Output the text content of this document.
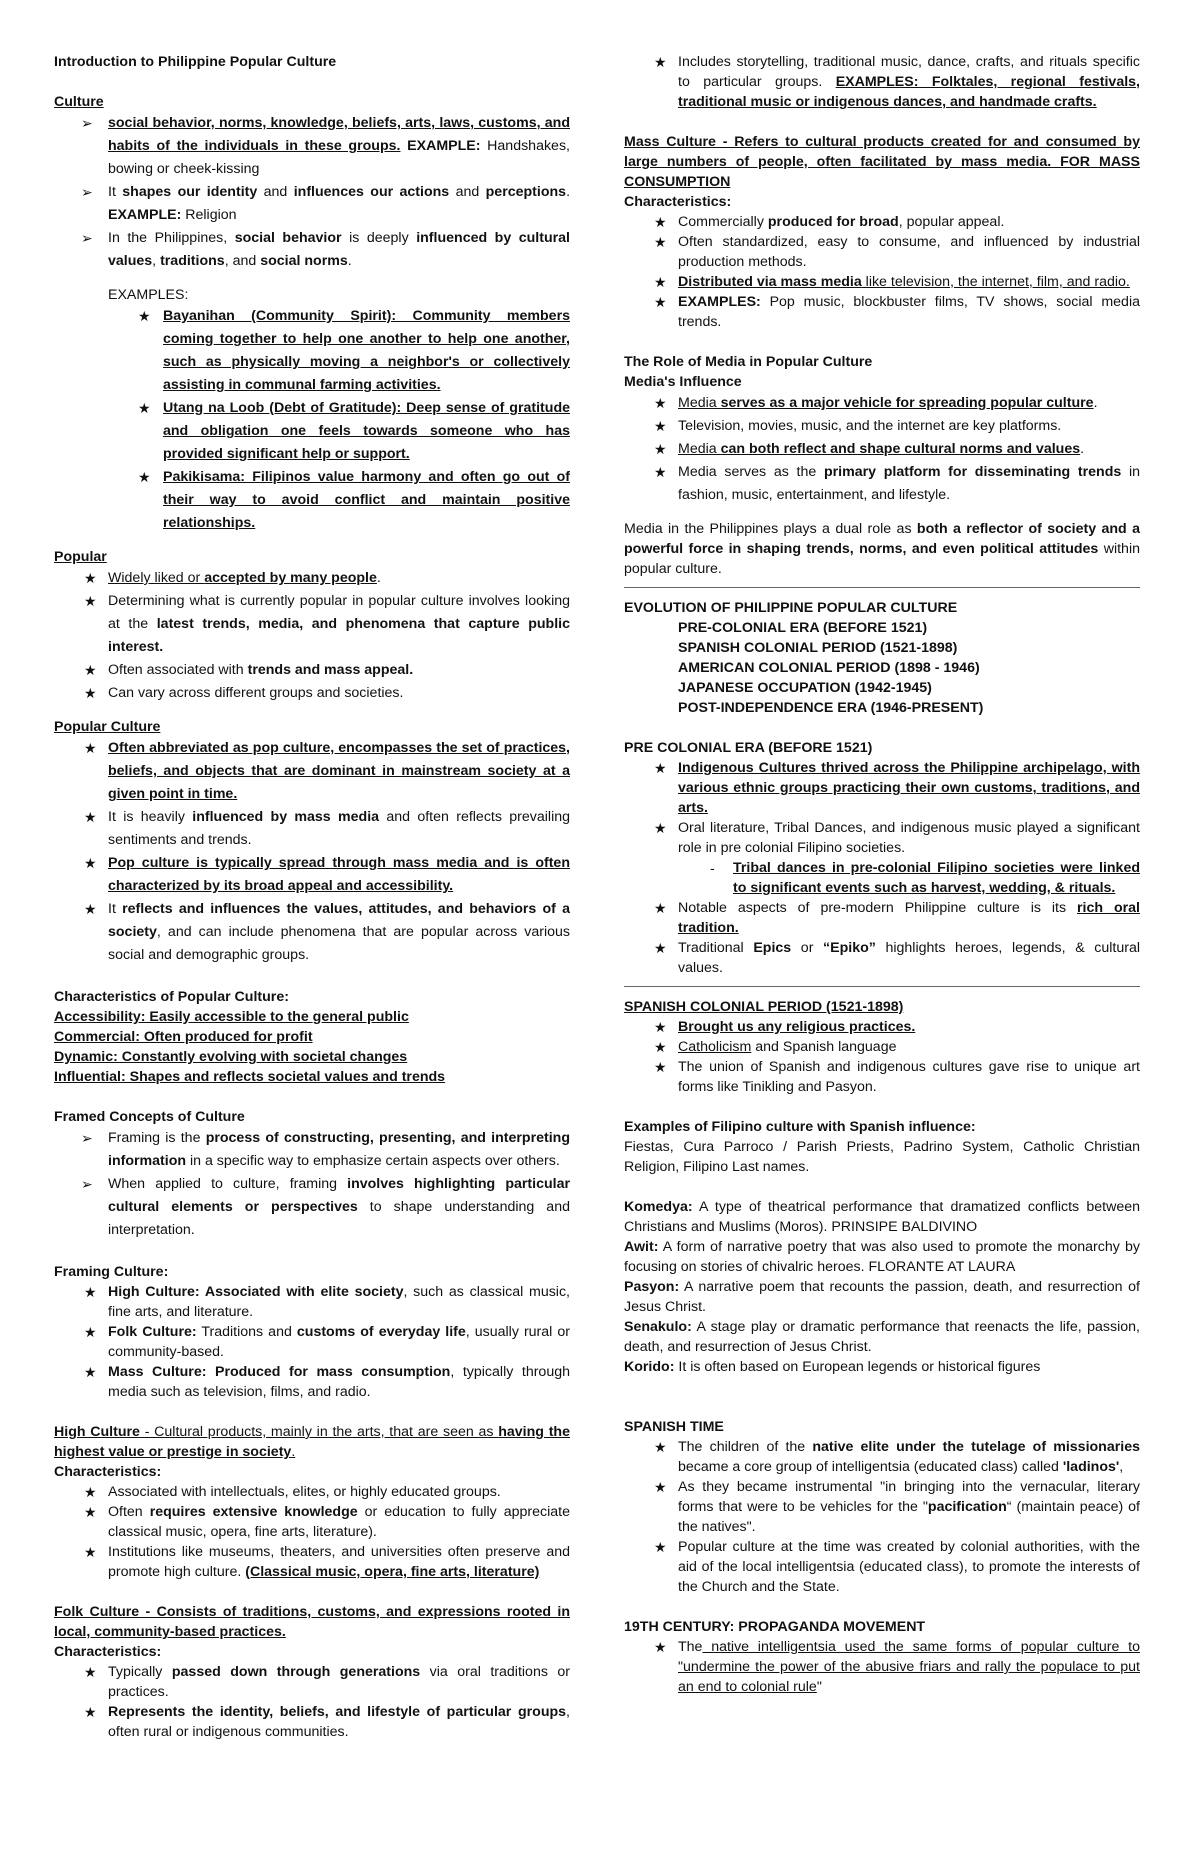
Introduction to Philippine Popular Culture

Culture

➢ social behavior, norms, knowledge, beliefs, arts, laws, customs, and habits of the individuals in these groups. EXAMPLE: Handshakes, bowing or cheek-kissing
➢ It shapes our identity and influences our actions and perceptions. EXAMPLE: Religion
➢ In the Philippines, social behavior is deeply influenced by cultural values, traditions, and social norms.

EXAMPLES:

★ Bayanihan (Community Spirit): Community members coming together to help one another to help one another, such as physically moving a neighbor's or collectively assisting in communal farming activities.
★ Utang na Loob (Debt of Gratitude): Deep sense of gratitude and obligation one feels towards someone who has provided significant help or support.
★ Pakikisama: Filipinos value harmony and often go out of their way to avoid conflict and maintain positive relationships.

Popular

★ Widely liked or accepted by many people.
★ Determining what is currently popular in popular culture involves looking at the latest trends, media, and phenomena that capture public interest.
★ Often associated with trends and mass appeal.
★ Can vary across different groups and societies.

Popular Culture

★ Often abbreviated as pop culture, encompasses the set of practices, beliefs, and objects that are dominant in mainstream society at a given point in time.
★ It is heavily influenced by mass media and often reflects prevailing sentiments and trends.
★ Pop culture is typically spread through mass media and is often characterized by its broad appeal and accessibility.
★ It reflects and influences the values, attitudes, and behaviors of a society, and can include phenomena that are popular across various social and demographic groups.

Characteristics of Popular Culture:

Accessibility: Easily accessible to the general public

Commercial: Often produced for profit

Dynamic: Constantly evolving with societal changes

Influential: Shapes and reflects societal values and trends

Framed Concepts of Culture

➢ Framing is the process of constructing, presenting, and interpreting information in a specific way to emphasize certain aspects over others.
➢ When applied to culture, framing involves highlighting particular cultural elements or perspectives to shape understanding and interpretation.

Framing Culture:

★ High Culture: Associated with elite society, such as classical music, fine arts, and literature.
★ Folk Culture: Traditions and customs of everyday life, usually rural or community-based.
★ Mass Culture: Produced for mass consumption, typically through media such as television, films, and radio.

High Culture - Cultural products, mainly in the arts, that are seen as having the highest value or prestige in society.

Characteristics:

★ Associated with intellectuals, elites, or highly educated groups.
★ Often requires extensive knowledge or education to fully appreciate classical music, opera, fine arts, literature).
★ Institutions like museums, theaters, and universities often preserve and promote high culture. (Classical music, opera, fine arts, literature)

Folk Culture - Consists of traditions, customs, and expressions rooted in local, community-based practices.

Characteristics:

★ Typically passed down through generations via oral traditions or practices.
★ Represents the identity, beliefs, and lifestyle of particular groups, often rural or indigenous communities.
★ Includes storytelling, traditional music, dance, crafts, and rituals specific to particular groups. EXAMPLES: Folktales, regional festivals, traditional music or indigenous dances, and handmade crafts.

Mass Culture - Refers to cultural products created for and consumed by large numbers of people, often facilitated by mass media. FOR MASS CONSUMPTION

Characteristics:

★ Commercially produced for broad, popular appeal.
★ Often standardized, easy to consume, and influenced by industrial production methods.
★ Distributed via mass media like television, the internet, film, and radio.
★ EXAMPLES: Pop music, blockbuster films, TV shows, social media trends.

The Role of Media in Popular Culture

Media's Influence

★ Media serves as a major vehicle for spreading popular culture.
★ Television, movies, music, and the internet are key platforms.
★ Media can both reflect and shape cultural norms and values.
★ Media serves as the primary platform for disseminating trends in fashion, music, entertainment, and lifestyle.

Media in the Philippines plays a dual role as both a reflector of society and a powerful force in shaping trends, norms, and even political attitudes within popular culture.

EVOLUTION OF PHILIPPINE POPULAR CULTURE

PRE-COLONIAL ERA (BEFORE 1521)

SPANISH COLONIAL PERIOD (1521-1898)

AMERICAN COLONIAL PERIOD (1898 - 1946)

JAPANESE OCCUPATION (1942-1945)

POST-INDEPENDENCE ERA (1946-PRESENT)

PRE COLONIAL ERA (BEFORE 1521)

★ Indigenous Cultures thrived across the Philippine archipelago, with various ethnic groups practicing their own customs, traditions, and arts.
★ Oral literature, Tribal Dances, and indigenous music played a significant role in pre colonial Filipino societies.
- Tribal dances in pre-colonial Filipino societies were linked to significant events such as harvest, wedding, & rituals.
★ Notable aspects of pre-modern Philippine culture is its rich oral tradition.
★ Traditional Epics or “Epiko” highlights heroes, legends, & cultural values.

SPANISH COLONIAL PERIOD (1521-1898)

★ Brought us any religious practices.
★ Catholicism and Spanish language
★ The union of Spanish and indigenous cultures gave rise to unique art forms like Tinikling and Pasyon.

Examples of Filipino culture with Spanish influence:

Fiestas, Cura Parroco / Parish Priests, Padrino System, Catholic Christian Religion, Filipino Last names.

Komedya: A type of theatrical performance that dramatized conflicts between Christians and Muslims (Moros). PRINSIPE BALDIVINO

Awit: A form of narrative poetry that was also used to promote the monarchy by focusing on stories of chivalric heroes. FLORANTE AT LAURA

Pasyon: A narrative poem that recounts the passion, death, and resurrection of Jesus Christ.

Senakulo: A stage play or dramatic performance that reenacts the life, passion, death, and resurrection of Jesus Christ.

Korido: It is often based on European legends or historical figures

SPANISH TIME

★ The children of the native elite under the tutelage of missionaries became a core group of intelligentsia (educated class) called 'ladinos',
★ As they became instrumental "in bringing into the vernacular, literary forms that were to be vehicles for the "pacification“ (maintain peace) of the natives".
★ Popular culture at the time was created by colonial authorities, with the aid of the local intelligentsia (educated class), to promote the interests of the Church and the State.

19TH CENTURY: PROPAGANDA MOVEMENT

★ The native intelligentsia used the same forms of popular culture to "undermine the power of the abusive friars and rally the populace to put an end to colonial rule"
